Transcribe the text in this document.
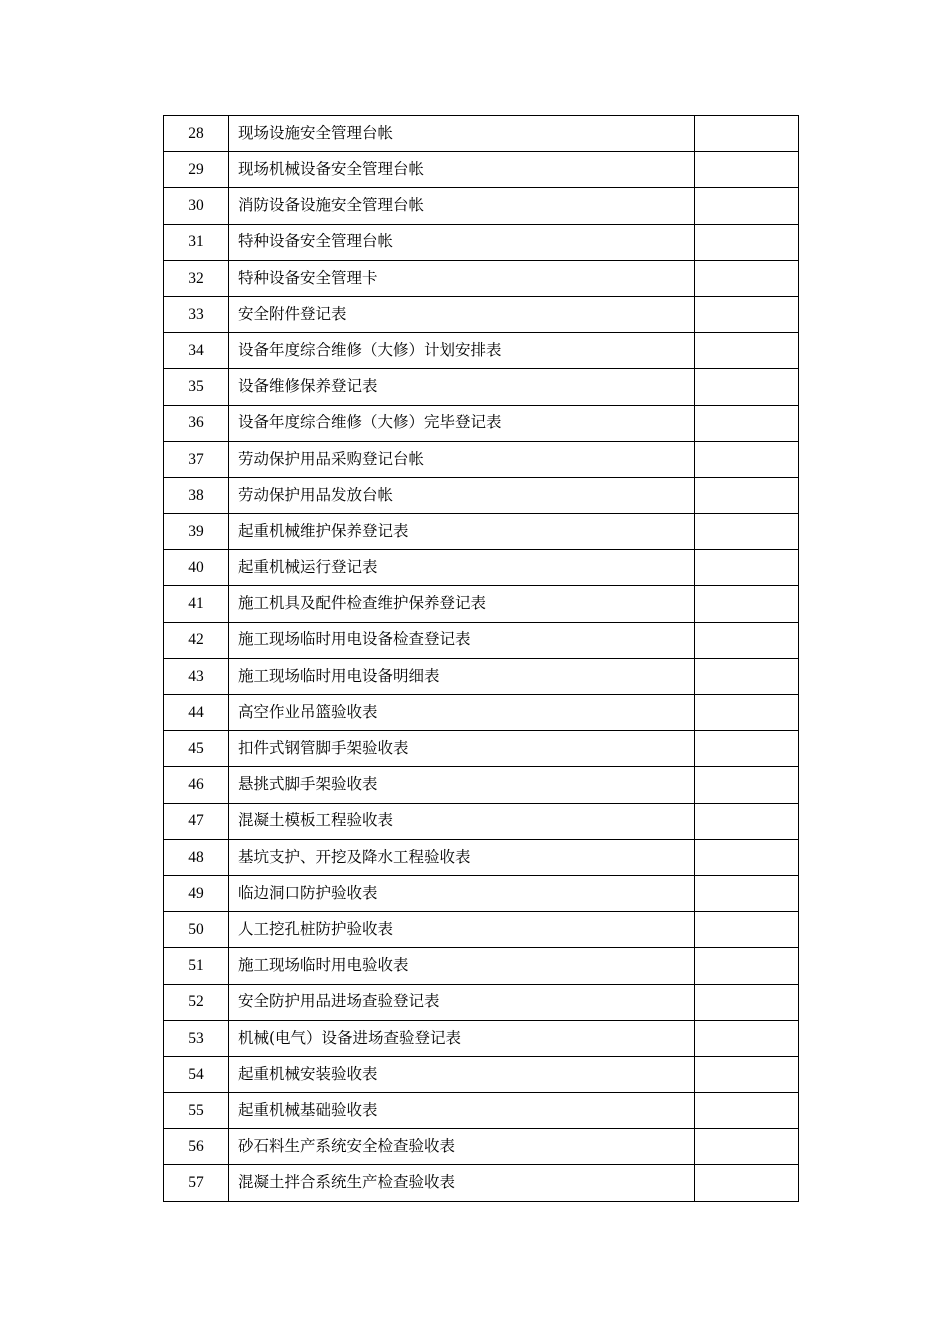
28	现场设施安全管理台帐	
29	现场机械设备安全管理台帐	
30	消防设备设施安全管理台帐	
31	特种设备安全管理台帐	
32	特种设备安全管理卡	
33	安全附件登记表	
34	设备年度综合维修（大修）计划安排表	
35	设备维修保养登记表	
36	设备年度综合维修（大修）完毕登记表	
37	劳动保护用品采购登记台帐	
38	劳动保护用品发放台帐	
39	起重机械维护保养登记表	
40	起重机械运行登记表	
41	施工机具及配件检查维护保养登记表	
42	施工现场临时用电设备检查登记表	
43	施工现场临时用电设备明细表	
44	高空作业吊篮验收表	
45	扣件式钢管脚手架验收表	
46	悬挑式脚手架验收表	
47	混凝土模板工程验收表	
48	基坑支护、开挖及降水工程验收表	
49	临边洞口防护验收表	
50	人工挖孔桩防护验收表	
51	施工现场临时用电验收表	
52	安全防护用品进场查验登记表	
53	机械(电气）设备进场查验登记表	
54	起重机械安装验收表	
55	起重机械基础验收表	
56	砂石料生产系统安全检查验收表	
57	混凝土拌合系统生产检查验收表	
